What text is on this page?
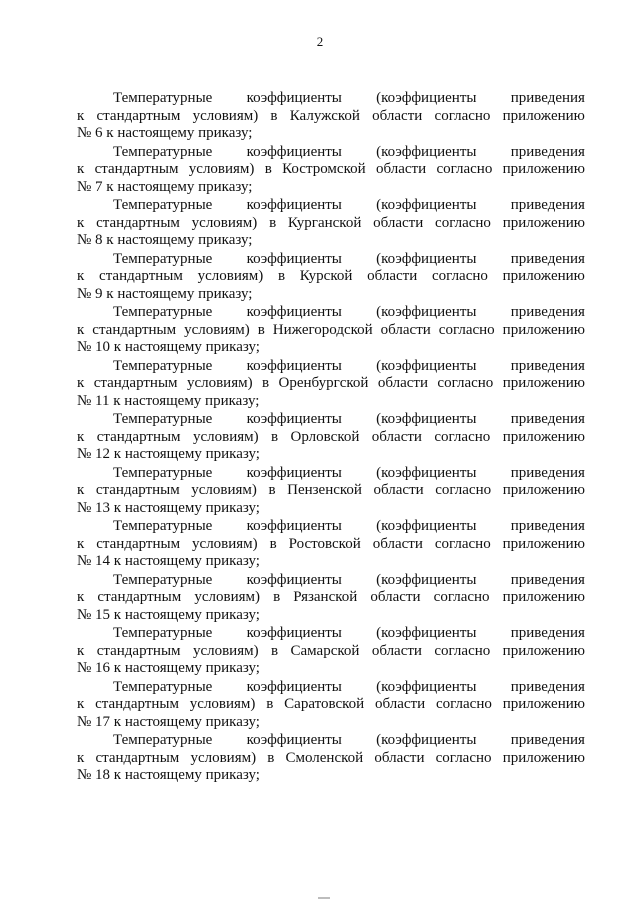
2
Температурные коэффициенты (коэффициенты приведения
к стандартным условиям) в Калужской области согласно приложению
№ 6 к настоящему приказу;
Температурные коэффициенты (коэффициенты приведения
к стандартным условиям) в Костромской области согласно приложению
№ 7 к настоящему приказу;
Температурные коэффициенты (коэффициенты приведения
к стандартным условиям) в Курганской области согласно приложению
№ 8 к настоящему приказу;
Температурные коэффициенты (коэффициенты приведения
к стандартным условиям) в Курской области согласно приложению
№ 9 к настоящему приказу;
Температурные коэффициенты (коэффициенты приведения
к стандартным условиям) в Нижегородской области согласно приложению
№ 10 к настоящему приказу;
Температурные коэффициенты (коэффициенты приведения
к стандартным условиям) в Оренбургской области согласно приложению
№ 11 к настоящему приказу;
Температурные коэффициенты (коэффициенты приведения
к стандартным условиям) в Орловской области согласно приложению
№ 12 к настоящему приказу;
Температурные коэффициенты (коэффициенты приведения
к стандартным условиям) в Пензенской области согласно приложению
№ 13 к настоящему приказу;
Температурные коэффициенты (коэффициенты приведения
к стандартным условиям) в Ростовской области согласно приложению
№ 14 к настоящему приказу;
Температурные коэффициенты (коэффициенты приведения
к стандартным условиям) в Рязанской области согласно приложению
№ 15 к настоящему приказу;
Температурные коэффициенты (коэффициенты приведения
к стандартным условиям) в Самарской области согласно приложению
№ 16 к настоящему приказу;
Температурные коэффициенты (коэффициенты приведения
к стандартным условиям) в Саратовской области согласно приложению
№ 17 к настоящему приказу;
Температурные коэффициенты (коэффициенты приведения
к стандартным условиям) в Смоленской области согласно приложению
№ 18 к настоящему приказу;
